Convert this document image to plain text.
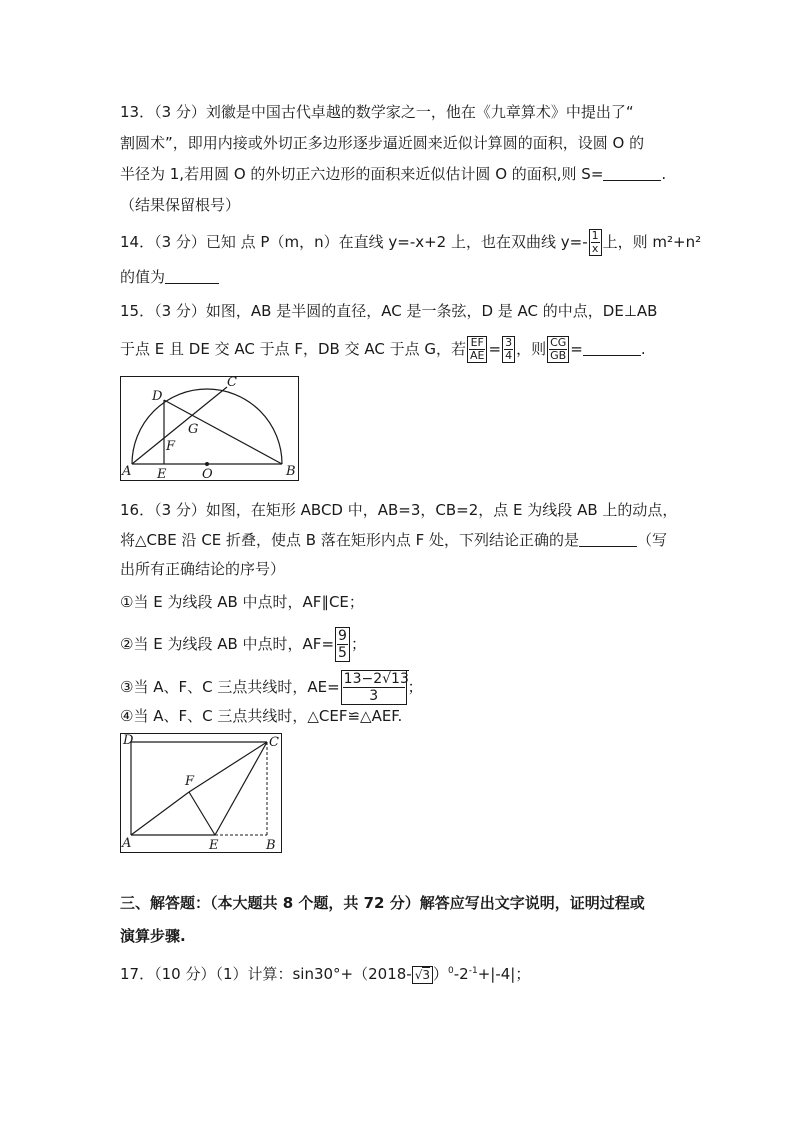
13．（3 分）刘徽是中国古代卓越的数学家之一，他在《九章算术》中提出了“
割圆术”，即用内接或外切正多边形逐步逼近圆来近似计算圆的面积，设圆 O 的
半径为 1,若用圆 O 的外切正六边形的面积来近似估计圆 O 的面积,则 S=	.
（结果保留根号）
14．（3 分）已知 点 P（m，n）在直线 y=-x+2 上，也在双曲线 $y=- \frac{1}{x}$ 上，则 m²+n²
的值为
15．（3 分）如图，AB 是半圆的直径，AC 是一条弦，D 是 AC 的中点，DE⊥AB
于点 E 且 DE 交 AC 于点 F，DB 交 AC 于点 G，若 $\frac{EF}{AE} = \frac{3}{4}$ ，则 $\frac{CG}{GB}$ =	.
A	B
C
D
E
F
G
O
16．（3 分）如图，在矩形 ABCD 中，AB=3，CB=2，点 E 为线段 AB 上的动点，
将△CBE 沿 CE 折叠，使点 B 落在矩形内点 F 处，下列结论正确的是	（写
出所有正确结论的序号）
①当 E 为线段 AB 中点时，AF∥CE；
②当 E 为线段 AB 中点时，$AF= \frac{9}{5}$ ；
③当 A、F、C 三点共线时，$AE= \frac{13-2√13}{3}$ ；
④当 A、F、C 三点共线时，△CEF≌△AEF.
D	C
A	E	B
F
三、解答题：（本大题共 8 个题，共 72 分）解答应写出文字说明，证明过程或
演算步骤.
17．（10 分）（1）计算：sin30°+（2018- √3 ）$^0-2^{-1}+|-4|$；
